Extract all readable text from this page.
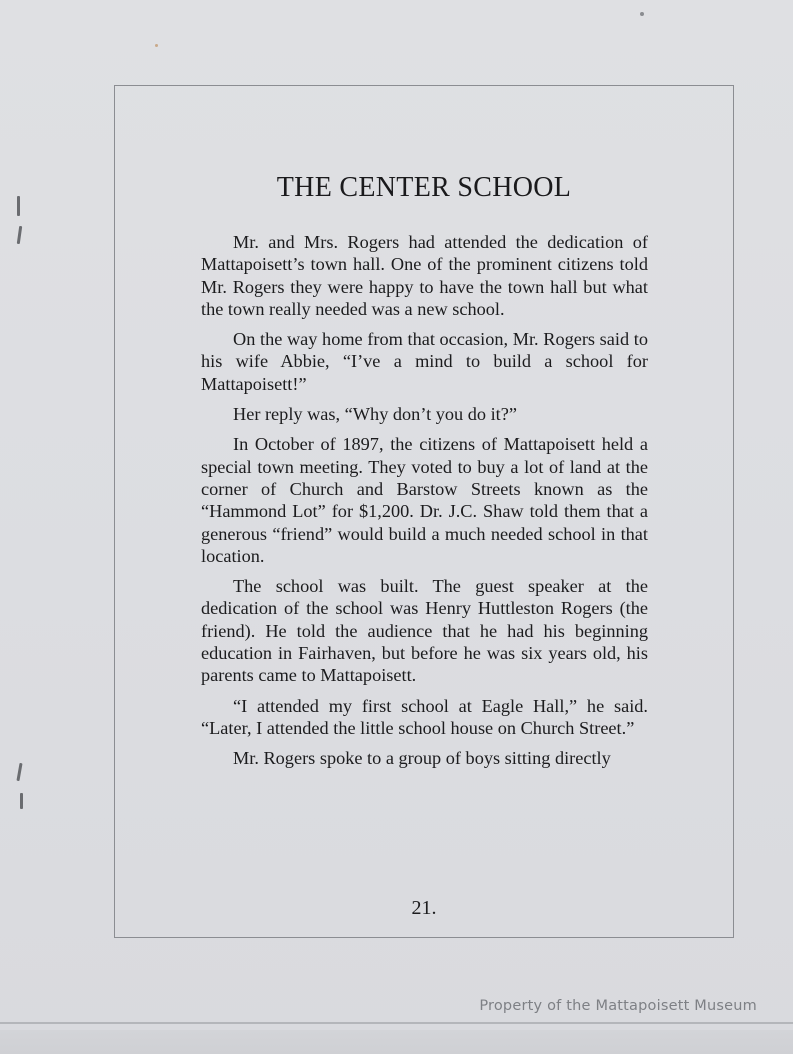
THE CENTER SCHOOL

Mr. and Mrs. Rogers had attended the dedication of Mattapoisett’s town hall. One of the prominent citizens told Mr. Rogers they were happy to have the town hall but what the town really needed was a new school.

On the way home from that occasion, Mr. Rogers said to his wife Abbie, “I’ve a mind to build a school for Mattapoisett!”

Her reply was, “Why don’t you do it?”

In October of 1897, the citizens of Mattapoisett held a special town meeting. They voted to buy a lot of land at the corner of Church and Barstow Streets known as the “Hammond Lot” for $1,200. Dr. J.C. Shaw told them that a generous “friend” would build a much needed school in that location.

The school was built. The guest speaker at the dedication of the school was Henry Huttleston Rogers (the friend). He told the audience that he had his beginning education in Fairhaven, but before he was six years old, his parents came to Mattapoisett.

“I attended my first school at Eagle Hall,” he said. “Later, I attended the little school house on Church Street.”

Mr. Rogers spoke to a group of boys sitting directly

21.
Property of the Mattapoisett Museum
